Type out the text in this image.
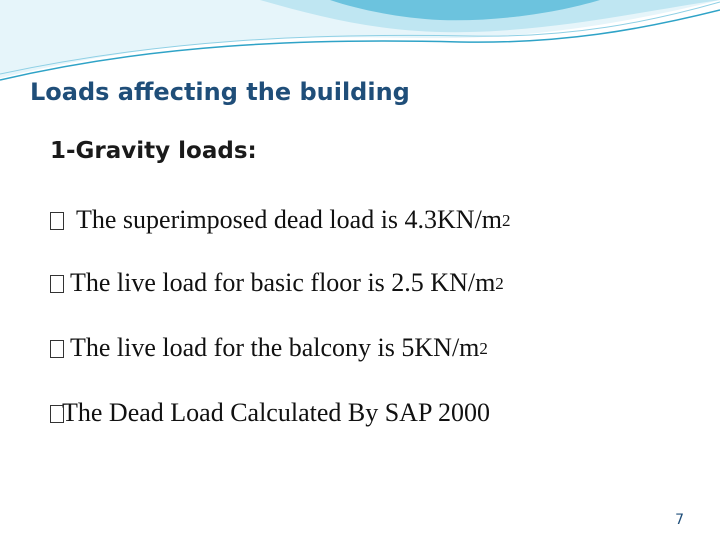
Loads affecting the building
1-Gravity loads:
The superimposed dead load is $4.3KN/m^2$
The live load for basic floor is 2.5 $KN/m^2$
The live load for the balcony is $5KN/m^2$
The Dead Load Calculated By SAP 2000
7
